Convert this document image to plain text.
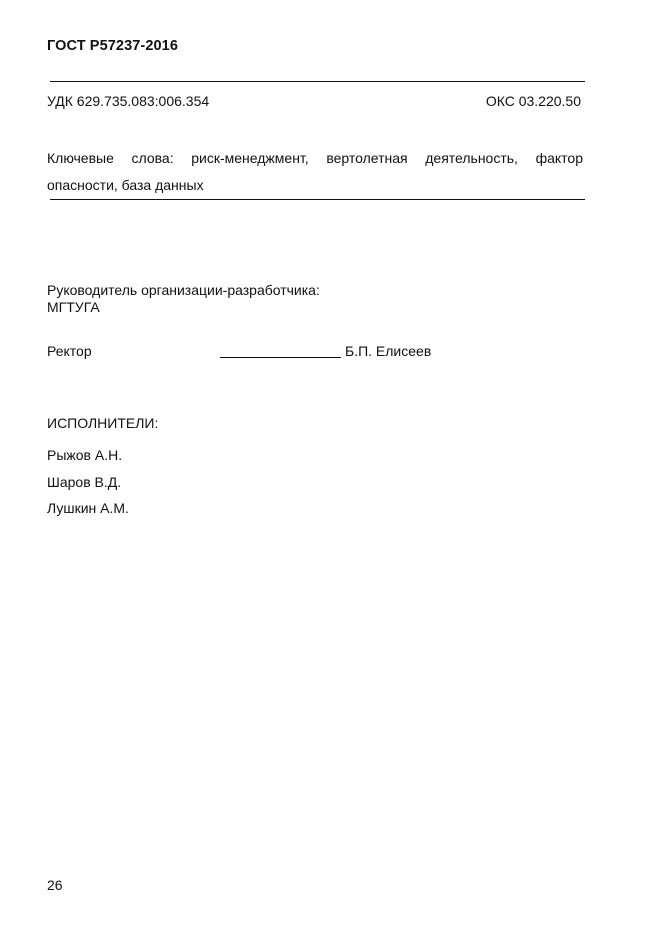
ГОСТ Р57237-2016
УДК 629.735.083:006.354	ОКС 03.220.50
Ключевые слова: риск-менеджмент, вертолетная деятельность, фактор опасности, база данных
Руководитель организации-разработчика:
МГТУГА
Ректор	Б.П. Елисеев
ИСПОЛНИТЕЛИ:
Рыжов А.Н.
Шаров В.Д.
Лушкин А.М.
26
